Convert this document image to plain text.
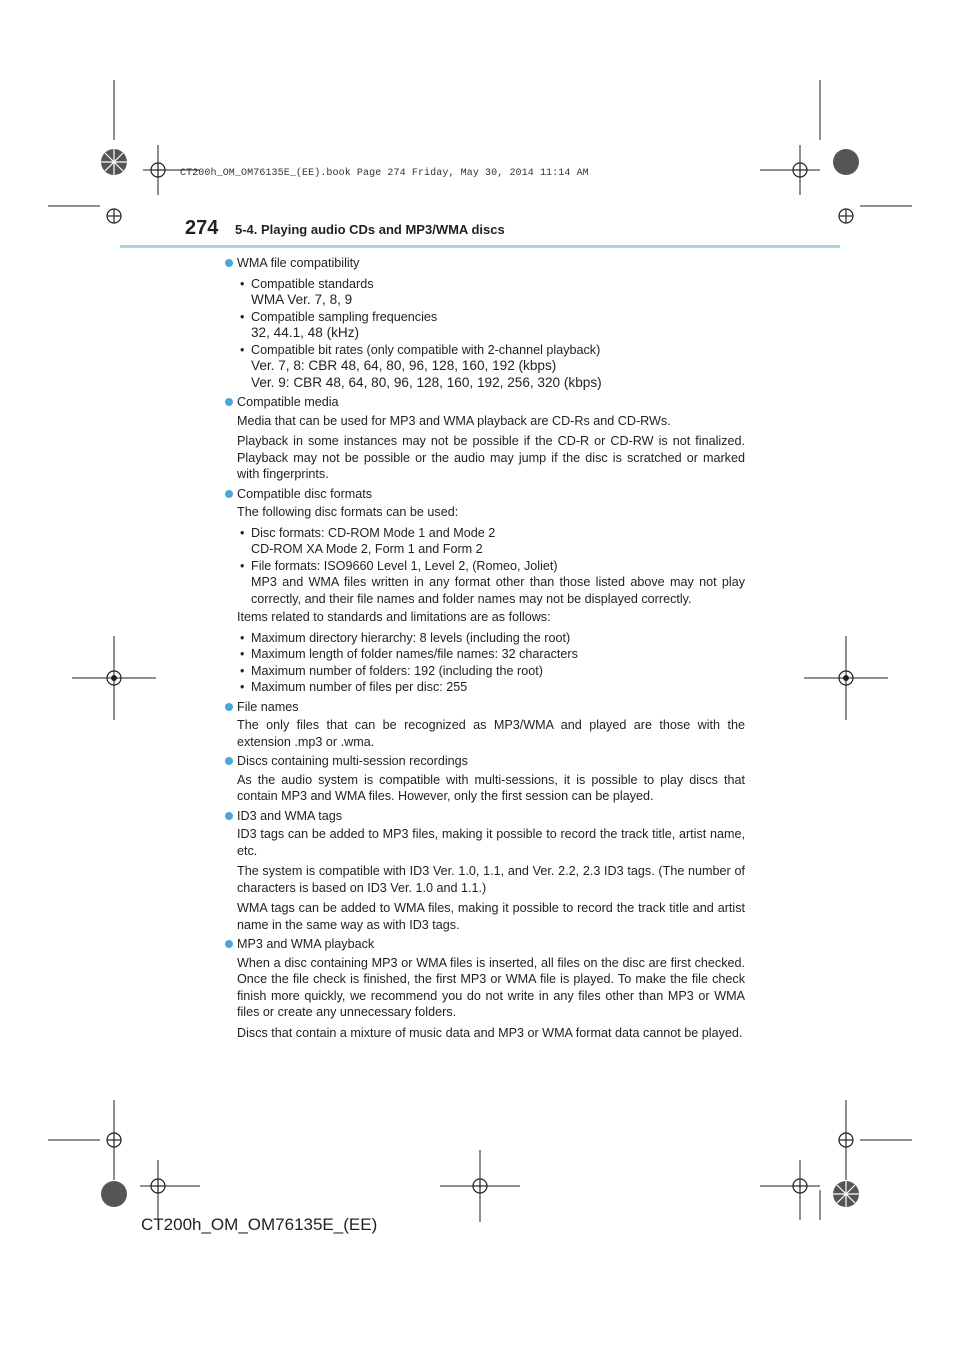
CT200h_OM_OM76135E_(EE).book Page 274 Friday, May 30, 2014 11:14 AM
274 5-4. Playing audio CDs and MP3/WMA discs
WMA file compatibility
• Compatible standards
WMA Ver. 7, 8, 9
• Compatible sampling frequencies
32, 44.1, 48 (kHz)
• Compatible bit rates (only compatible with 2-channel playback)
Ver. 7, 8: CBR 48, 64, 80, 96, 128, 160, 192 (kbps)
Ver. 9: CBR 48, 64, 80, 96, 128, 160, 192, 256, 320 (kbps)
Compatible media
Media that can be used for MP3 and WMA playback are CD-Rs and CD-RWs.
Playback in some instances may not be possible if the CD-R or CD-RW is not finalized. Playback may not be possible or the audio may jump if the disc is scratched or marked with fingerprints.
Compatible disc formats
The following disc formats can be used:
• Disc formats: CD-ROM Mode 1 and Mode 2
CD-ROM XA Mode 2, Form 1 and Form 2
• File formats: ISO9660 Level 1, Level 2, (Romeo, Joliet)
MP3 and WMA files written in any format other than those listed above may not play correctly, and their file names and folder names may not be displayed correctly.
Items related to standards and limitations are as follows:
• Maximum directory hierarchy: 8 levels (including the root)
• Maximum length of folder names/file names: 32 characters
• Maximum number of folders: 192 (including the root)
• Maximum number of files per disc: 255
File names
The only files that can be recognized as MP3/WMA and played are those with the extension .mp3 or .wma.
Discs containing multi-session recordings
As the audio system is compatible with multi-sessions, it is possible to play discs that contain MP3 and WMA files. However, only the first session can be played.
ID3 and WMA tags
ID3 tags can be added to MP3 files, making it possible to record the track title, artist name, etc.
The system is compatible with ID3 Ver. 1.0, 1.1, and Ver. 2.2, 2.3 ID3 tags. (The number of characters is based on ID3 Ver. 1.0 and 1.1.)
WMA tags can be added to WMA files, making it possible to record the track title and artist name in the same way as with ID3 tags.
MP3 and WMA playback
When a disc containing MP3 or WMA files is inserted, all files on the disc are first checked. Once the file check is finished, the first MP3 or WMA file is played. To make the file check finish more quickly, we recommend you do not write in any files other than MP3 or WMA files or create any unnecessary folders.
Discs that contain a mixture of music data and MP3 or WMA format data cannot be played.
CT200h_OM_OM76135E_(EE)
